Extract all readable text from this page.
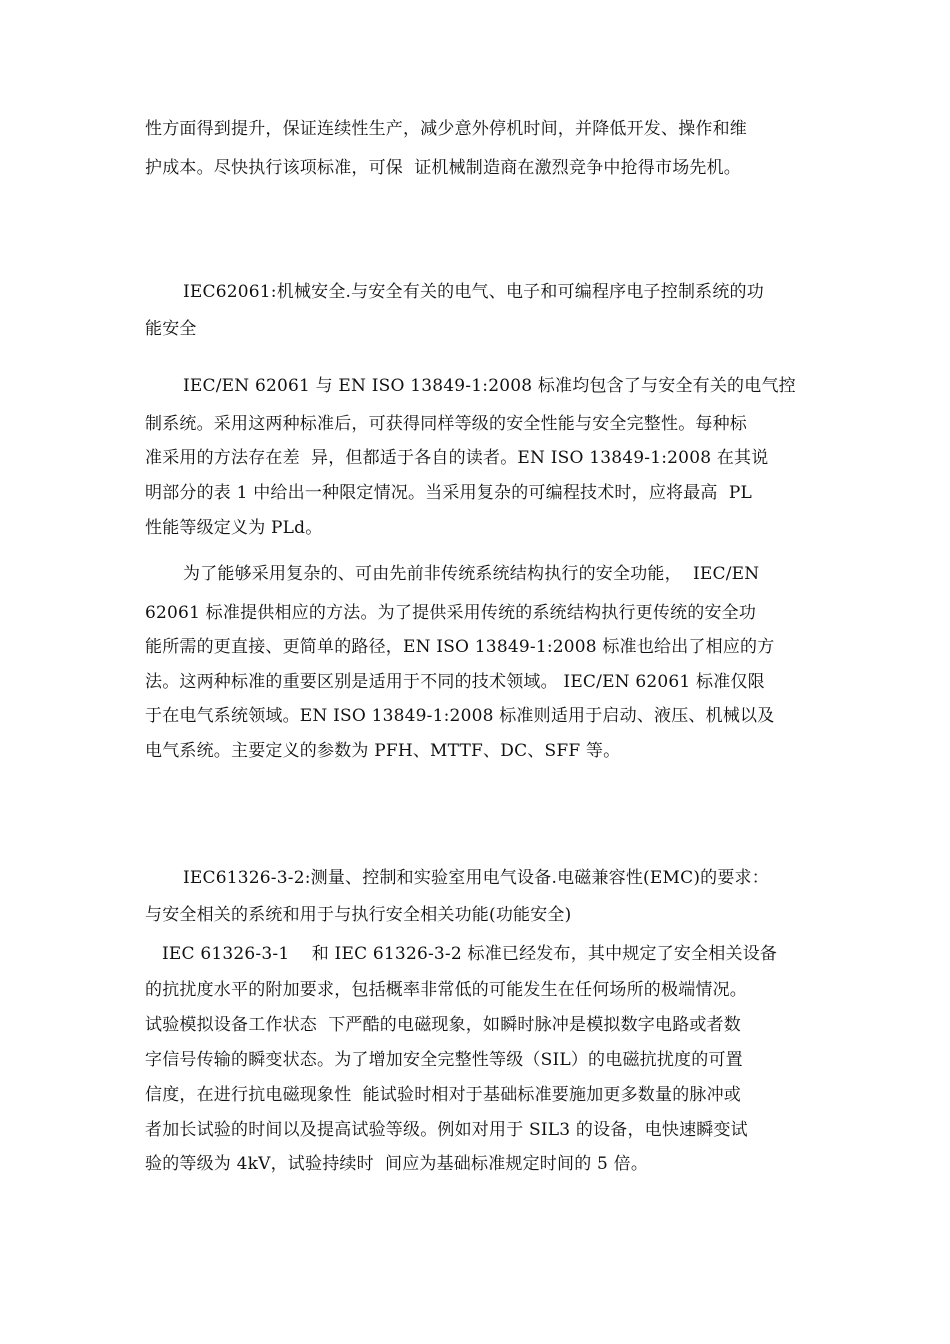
性方面得到提升，保证连续性生产，减少意外停机时间，并降低开发、操作和维
护成本。尽快执行该项标准，可保  证机械制造商在激烈竞争中抢得市场先机。
IEC62061:机械安全.与安全有关的电气、电子和可编程序电子控制系统的功
能安全
IEC/EN 62061 与 EN ISO 13849-1:2008 标准均包含了与安全有关的电气控
制系统。采用这两种标准后，可获得同样等级的安全性能与安全完整性。每种标
准采用的方法存在差  异，但都适于各自的读者。EN ISO 13849-1:2008 在其说
明部分的表 1 中给出一种限定情况。当采用复杂的可编程技术时，应将最高  PL
性能等级定义为 PLd。
为了能够采用复杂的、可由先前非传统系统结构执行的安全功能，  IEC/EN
62061 标准提供相应的方法。为了提供采用传统的系统结构执行更传统的安全功
能所需的更直接、更简单的路径，EN ISO 13849-1:2008 标准也给出了相应的方
法。这两种标准的重要区别是适用于不同的技术领域。 IEC/EN 62061 标准仅限
于在电气系统领域。EN ISO 13849-1:2008 标准则适用于启动、液压、机械以及
电气系统。主要定义的参数为 PFH、MTTF、DC、SFF 等。
IEC61326-3-2:测量、控制和实验室用电气设备.电磁兼容性(EMC)的要求：
与安全相关的系统和用于与执行安全相关功能(功能安全)
IEC 61326-3-1    和 IEC 61326-3-2 标准已经发布，其中规定了安全相关设备
的抗扰度水平的附加要求，包括概率非常低的可能发生在任何场所的极端情况。
试验模拟设备工作状态  下严酷的电磁现象，如瞬时脉冲是模拟数字电路或者数
字信号传输的瞬变状态。为了增加安全完整性等级（SIL）的电磁抗扰度的可置
信度，在进行抗电磁现象性  能试验时相对于基础标准要施加更多数量的脉冲或
者加长试验的时间以及提高试验等级。例如对用于 SIL3 的设备，电快速瞬变试
验的等级为 4kV，试验持续时  间应为基础标准规定时间的 5 倍。
